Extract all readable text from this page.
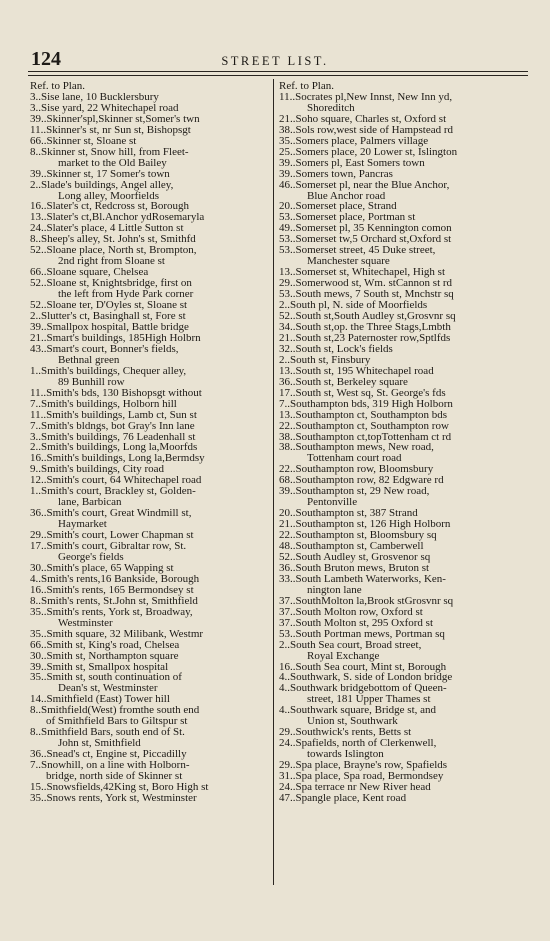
124	STREET LIST.
Ref. to Plan.
3..Sise lane, 10 Bucklersbury
3..Sise yard, 22 Whitechapel road
39..Skinner'spl,Skinner st,Somer's twn
11..Skinner's st, nr Sun st, Bishopsgt
66..Skinner st, Sloane st
8..Skinner st, Snow hill, from Fleet-
market to the Old Bailey
39..Skinner st, 17 Somer's town
2..Slade's buildings, Angel alley,
Long alley, Moorfields
16..Slater's ct, Redcross st, Borough
13..Slater's ct,Bl.Anchor ydRosemaryla
24..Slater's place, 4 Little Sutton st
8..Sheep's alley, St. John's st, Smithfd
52..Sloane place, North st, Brompton,
2nd right from Sloane st
66..Sloane square, Chelsea
52..Sloane st, Knightsbridge, first on
the left from Hyde Park corner
52..Sloane ter, D'Oyles st, Sloane st
2..Slutter's ct, Basinghall st, Fore st
39..Smallpox hospital, Battle bridge
21..Smart's buildings, 185High Holbrn
43..Smart's court, Bonner's fields,
Bethnal green
1..Smith's buildings, Chequer alley,
89 Bunhill row
11..Smith's bds, 130 Bishopsgt without
7..Smith's buildings, Holborn hill
11..Smith's buildings, Lamb ct, Sun st
7..Smith's bldngs, bot Gray's Inn lane
3..Smith's buildings, 76 Leadenhall st
2..Smith's buildings, Long la,Moorfds
16..Smith's buildings, Long la,Bermdsy
9..Smith's buildings, City road
12..Smith's court, 64 Whitechapel road
1..Smith's court, Brackley st, Golden-
lane, Barbican
36..Smith's court, Great Windmill st,
Haymarket
29..Smith's court, Lower Chapman st
17..Smith's court, Gibraltar row, St.
George's fields
30..Smith's place, 65 Wapping st
4..Smith's rents,16 Bankside, Borough
16..Smith's rents, 165 Bermondsey st
8..Smith's rents, St.John st, Smithfield
35..Smith's rents, York st, Broadway,
Westminster
35..Smith square, 32 Milibank, Westmr
66..Smith st, King's road, Chelsea
30..Smith st, Northampton square
39..Smith st, Smallpox hospital
35..Smith st, south continuation of
Dean's st, Westminster
14..Smithfield (East) Tower hill
8..Smithfield(West) fromthe south end
of Smithfield Bars to Giltspur st
8..Smithfield Bars, south end of St.
John st, Smithfield
36..Snead's ct, Engine st, Piccadilly
7..Snowhill, on a line with Holborn-
bridge, north side of Skinner st
15..Snowsfields,42King st, Boro High st
35..Snows rents, York st, Westminster
Ref. to Plan.
11..Socrates pl,New Innst, New Inn yd,
Shoreditch
21..Soho square, Charles st, Oxford st
38..Sols row,west side of Hampstead rd
35..Somers place, Palmers village
25..Somers place, 20 Lower st, Islington
39..Somers pl, East Somers town
39..Somers town, Pancras
46..Somerset pl, near the Blue Anchor,
Blue Anchor road
20..Somerset place, Strand
53..Somerset place, Portman st
49..Somerset pl, 35 Kennington comon
53..Somerset tw,5 Orchard st,Oxford st
53..Somerset street, 45 Duke street,
Manchester square
13..Somerset st, Whitechapel, High st
29..Somerwood st, Wm. stCannon st rd
53..South mews, 7 South st, Mnchstr sq
2..South pl, N. side of Moorfields
52..South st,South Audley st,Grosvnr sq
34..South st,op. the Three Stags,Lmbth
21..South st,23 Paternoster row,Sptlfds
32..South st, Lock's fields
2..South st, Finsbury
13..South st, 195 Whitechapel road
36..South st, Berkeley square
17..South st, West sq, St. George's fds
7..Southampton bds, 319 High Holborn
13..Southampton ct, Southampton bds
22..Southampton ct, Southampton row
38..Southampton ct,topTottenham ct rd
38..Southampton mews, New road,
Tottenham court road
22..Southampton row, Bloomsbury
68..Southampton row, 82 Edgware rd
39..Southampton st, 29 New road,
Pentonville
20..Southampton st, 387 Strand
21..Southampton st, 126 High Holborn
22..Southampton st, Bloomsbury sq
48..Southampton st, Camberwell
52..South Audley st, Grosvenor sq
36..South Bruton mews, Bruton st
33..South Lambeth Waterworks, Ken-
nington lane
37..SouthMolton la,Brook stGrosvnr sq
37..South Molton row, Oxford st
37..South Molton st, 295 Oxford st
53..South Portman mews, Portman sq
2..South Sea court, Broad street,
Royal Exchange
16..South Sea court, Mint st, Borough
4..Southwark, S. side of London bridge
4..Southwark bridgebottom of Queen-
street, 181 Upper Thames st
4..Southwark square, Bridge st, and
Union st, Southwark
29..Southwick's rents, Betts st
24..Spafields, north of Clerkenwell,
towards Islington
29..Spa place, Brayne's row, Spafields
31..Spa place, Spa road, Bermondsey
24..Spa terrace nr New River head
47..Spangle place, Kent road
